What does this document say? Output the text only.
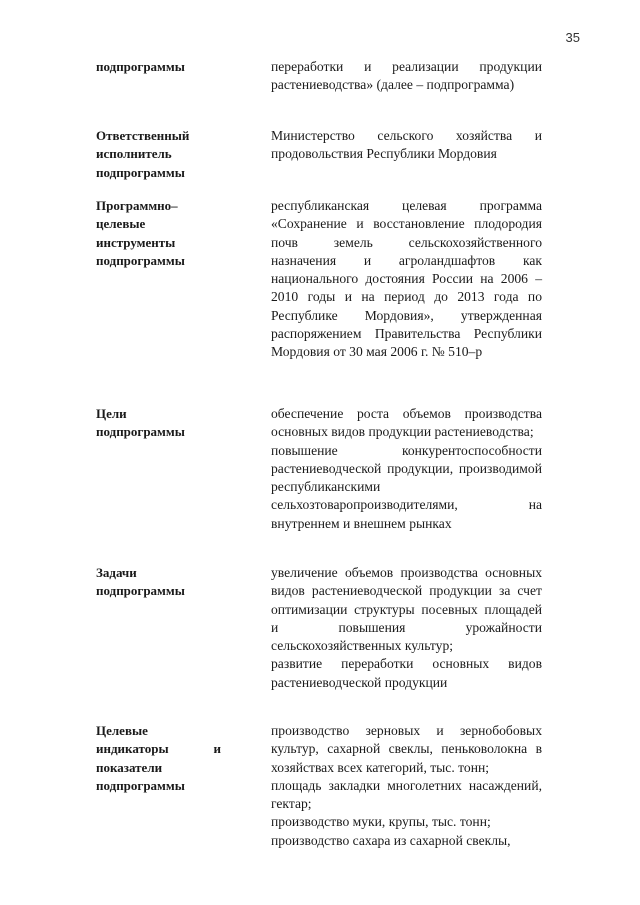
35
подпрограммы	переработки и реализации продукции растениеводства» (далее – подпрограмма)
Ответственный
исполнитель
подпрограммы
Министерство сельского хозяйства и продовольствия Республики Мордовия
Программно–
целевые
инструменты
подпрограммы
республиканская целевая программа «Сохранение и восстановление плодородия почв земель сельскохозяйственного назначения и агроландшафтов как национального достояния России на 2006 – 2010 годы и на период до 2013 года по Республике Мордовия», утвержденная распоряжением Правительства Республики Мордовия от 30 мая 2006 г. № 510–р
Цели
подпрограммы
обеспечение роста объемов производства основных видов продукции растениеводства;
повышение конкурентоспособности растениеводческой продукции, производимой республиканскими сельхозтоваропроизводителями, на внутреннем и внешнем рынках
Задачи
подпрограммы
увеличение объемов производства основных видов растениеводческой продукции за счет оптимизации структуры посевных площадей и повышения урожайности сельскохозяйственных культур;
развитие переработки основных видов растениеводческой продукции
Целевые
индикаторы и
показатели
подпрограммы
производство зерновых и зернобобовых культур, сахарной свеклы, пеньковолокна в хозяйствах всех категорий, тыс. тонн;
площадь закладки многолетних насаждений, гектар;
производство муки, крупы, тыс. тонн;
производство сахара из сахарной свеклы,
